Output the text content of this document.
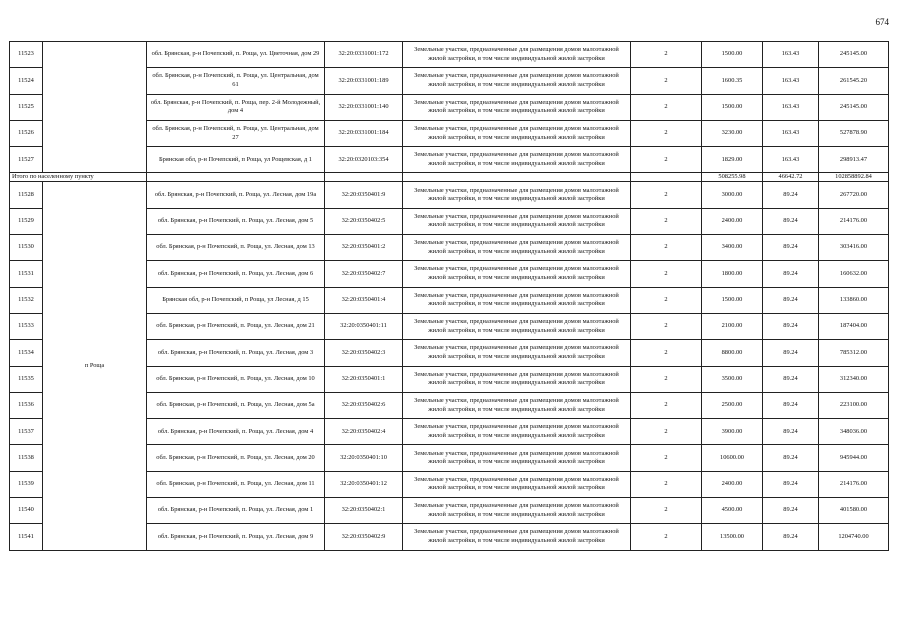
674
11523		обл. Брянская, р-н Почепский, п. Роща, ул. Цветочная, дом 29	32:20:0331001:172	Земельные участки, предназначенные для размещения домов малоэтажной жилой застройки, в том числе индивидуальной жилой застройки	2	1500.00	163.43	245145.00
11524		обл. Брянская, р-н Почепский, п. Роща, ул. Центральная, дом 61	32:20:0331001:189	Земельные участки, предназначенные для размещения домов малоэтажной жилой застройки, в том числе индивидуальной жилой застройки	2	1600.35	163.43	261545.20
11525		обл. Брянская, р-н Почепский, п. Роща, пер. 2-й Молодежный, дом 4	32:20:0331001:140	Земельные участки, предназначенные для размещения домов малоэтажной жилой застройки, в том числе индивидуальной жилой застройки	2	1500.00	163.43	245145.00
11526		обл. Брянская, р-н Почепский, п. Роща, ул. Центральная, дом 27	32:20:0331001:184	Земельные участки, предназначенные для размещения домов малоэтажной жилой застройки, в том числе индивидуальной жилой застройки	2	3230.00	163.43	527878.90
11527		Брянская обл, р-н Почепский, п Роща, ул Рощевская, д 1	32:20:0320103:354	Земельные участки, предназначенные для размещения домов малоэтажной жилой застройки, в том числе индивидуальной жилой застройки	2	1829.00	163.43	298913.47
Итого по населенному пункту						508255.98	46642.72	102858892.84
11528	п Роща	обл. Брянская, р-н Почепский, п. Роща, ул. Лесная, дом 19а	32:20:0350401:9	Земельные участки, предназначенные для размещения домов малоэтажной жилой застройки, в том числе индивидуальной жилой застройки	2	3000.00	89.24	267720.00
11529		обл. Брянская, р-н Почепский, п. Роща, ул. Лесная, дом 5	32:20:0350402:5	Земельные участки, предназначенные для размещения домов малоэтажной жилой застройки, в том числе индивидуальной жилой застройки	2	2400.00	89.24	214176.00
11530		обл. Брянская, р-н Почепский, п. Роща, ул. Лесная, дом 13	32:20:0350401:2	Земельные участки, предназначенные для размещения домов малоэтажной жилой застройки, в том числе индивидуальной жилой застройки	2	3400.00	89.24	303416.00
11531		обл. Брянская, р-н Почепский, п. Роща, ул. Лесная, дом 6	32:20:0350402:7	Земельные участки, предназначенные для размещения домов малоэтажной жилой застройки, в том числе индивидуальной жилой застройки	2	1800.00	89.24	160632.00
11532		Брянская обл, р-н Почепский, п Роща, ул Лесная, д 15	32:20:0350401:4	Земельные участки, предназначенные для размещения домов малоэтажной жилой застройки, в том числе индивидуальной жилой застройки	2	1500.00	89.24	133860.00
11533		обл. Брянская, р-н Почепский, п. Роща, ул. Лесная, дом 21	32:20:0350401:11	Земельные участки, предназначенные для размещения домов малоэтажной жилой застройки, в том числе индивидуальной жилой застройки	2	2100.00	89.24	187404.00
11534		обл. Брянская, р-н Почепский, п. Роща, ул. Лесная, дом 3	32:20:0350402:3	Земельные участки, предназначенные для размещения домов малоэтажной жилой застройки, в том числе индивидуальной жилой застройки	2	8800.00	89.24	785312.00
11535		обл. Брянская, р-н Почепский, п. Роща, ул. Лесная, дом 10	32:20:0350401:1	Земельные участки, предназначенные для размещения домов малоэтажной жилой застройки, в том числе индивидуальной жилой застройки	2	3500.00	89.24	312340.00
11536		обл. Брянская, р-н Почепский, п. Роща, ул. Лесная, дом 5а	32:20:0350402:6	Земельные участки, предназначенные для размещения домов малоэтажной жилой застройки, в том числе индивидуальной жилой застройки	2	2500.00	89.24	223100.00
11537		обл. Брянская, р-н Почепский, п. Роща, ул. Лесная, дом 4	32:20:0350402:4	Земельные участки, предназначенные для размещения домов малоэтажной жилой застройки, в том числе индивидуальной жилой застройки	2	3900.00	89.24	348036.00
11538		обл. Брянская, р-н Почепский, п. Роща, ул. Лесная, дом 20	32:20:0350401:10	Земельные участки, предназначенные для размещения домов малоэтажной жилой застройки, в том числе индивидуальной жилой застройки	2	10600.00	89.24	945944.00
11539		обл. Брянская, р-н Почепский, п. Роща, ул. Лесная, дом 11	32:20:0350401:12	Земельные участки, предназначенные для размещения домов малоэтажной жилой застройки, в том числе индивидуальной жилой застройки	2	2400.00	89.24	214176.00
11540		обл. Брянская, р-н Почепский, п. Роща, ул. Лесная, дом 1	32:20:0350402:1	Земельные участки, предназначенные для размещения домов малоэтажной жилой застройки, в том числе индивидуальной жилой застройки	2	4500.00	89.24	401580.00
11541		обл. Брянская, р-н Почепский, п. Роща, ул. Лесная, дом 9	32:20:0350402:9	Земельные участки, предназначенные для размещения домов малоэтажной жилой застройки, в том числе индивидуальной жилой застройки	2	13500.00	89.24	1204740.00
